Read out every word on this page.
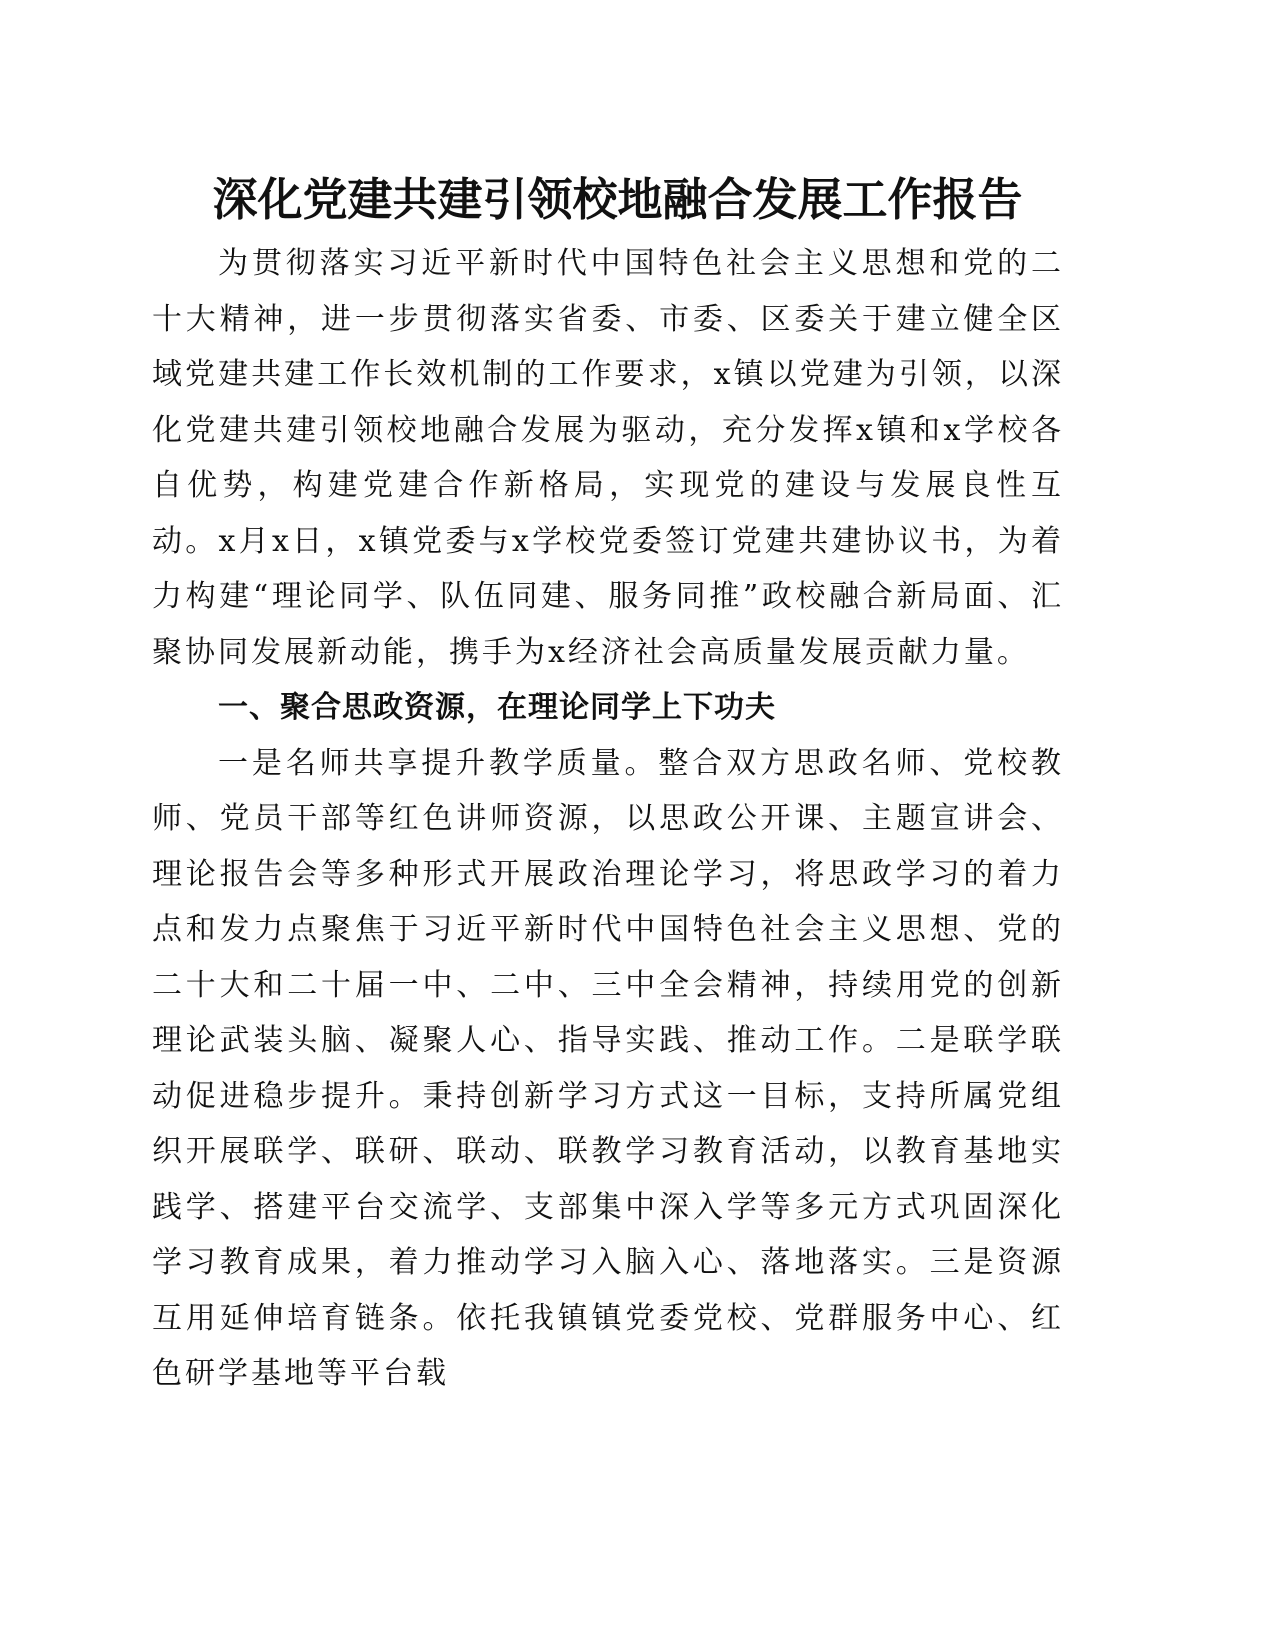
深化党建共建引领校地融合发展工作报告

为贯彻落实习近平新时代中国特色社会主义思想和党的二十大精神，进一步贯彻落实省委、市委、区委关于建立健全区域党建共建工作长效机制的工作要求，x镇以党建为引领，以深化党建共建引领校地融合发展为驱动，充分发挥x镇和x学校各自优势，构建党建合作新格局，实现党的建设与发展良性互动。x月x日，x镇党委与x学校党委签订党建共建协议书，为着力构建“理论同学、队伍同建、服务同推”政校融合新局面、汇聚协同发展新动能，携手为x经济社会高质量发展贡献力量。

一、聚合思政资源，在理论同学上下功夫

一是名师共享提升教学质量。整合双方思政名师、党校教师、党员干部等红色讲师资源，以思政公开课、主题宣讲会、理论报告会等多种形式开展政治理论学习，将思政学习的着力点和发力点聚焦于习近平新时代中国特色社会主义思想、党的二十大和二十届一中、二中、三中全会精神，持续用党的创新理论武装头脑、凝聚人心、指导实践、推动工作。二是联学联动促进稳步提升。秉持创新学习方式这一目标，支持所属党组织开展联学、联研、联动、联教学习教育活动，以教育基地实践学、搭建平台交流学、支部集中深入学等多元方式巩固深化学习教育成果，着力推动学习入脑入心、落地落实。三是资源互用延伸培育链条。依托我镇镇党委党校、党群服务中心、红色研学基地等平台载
